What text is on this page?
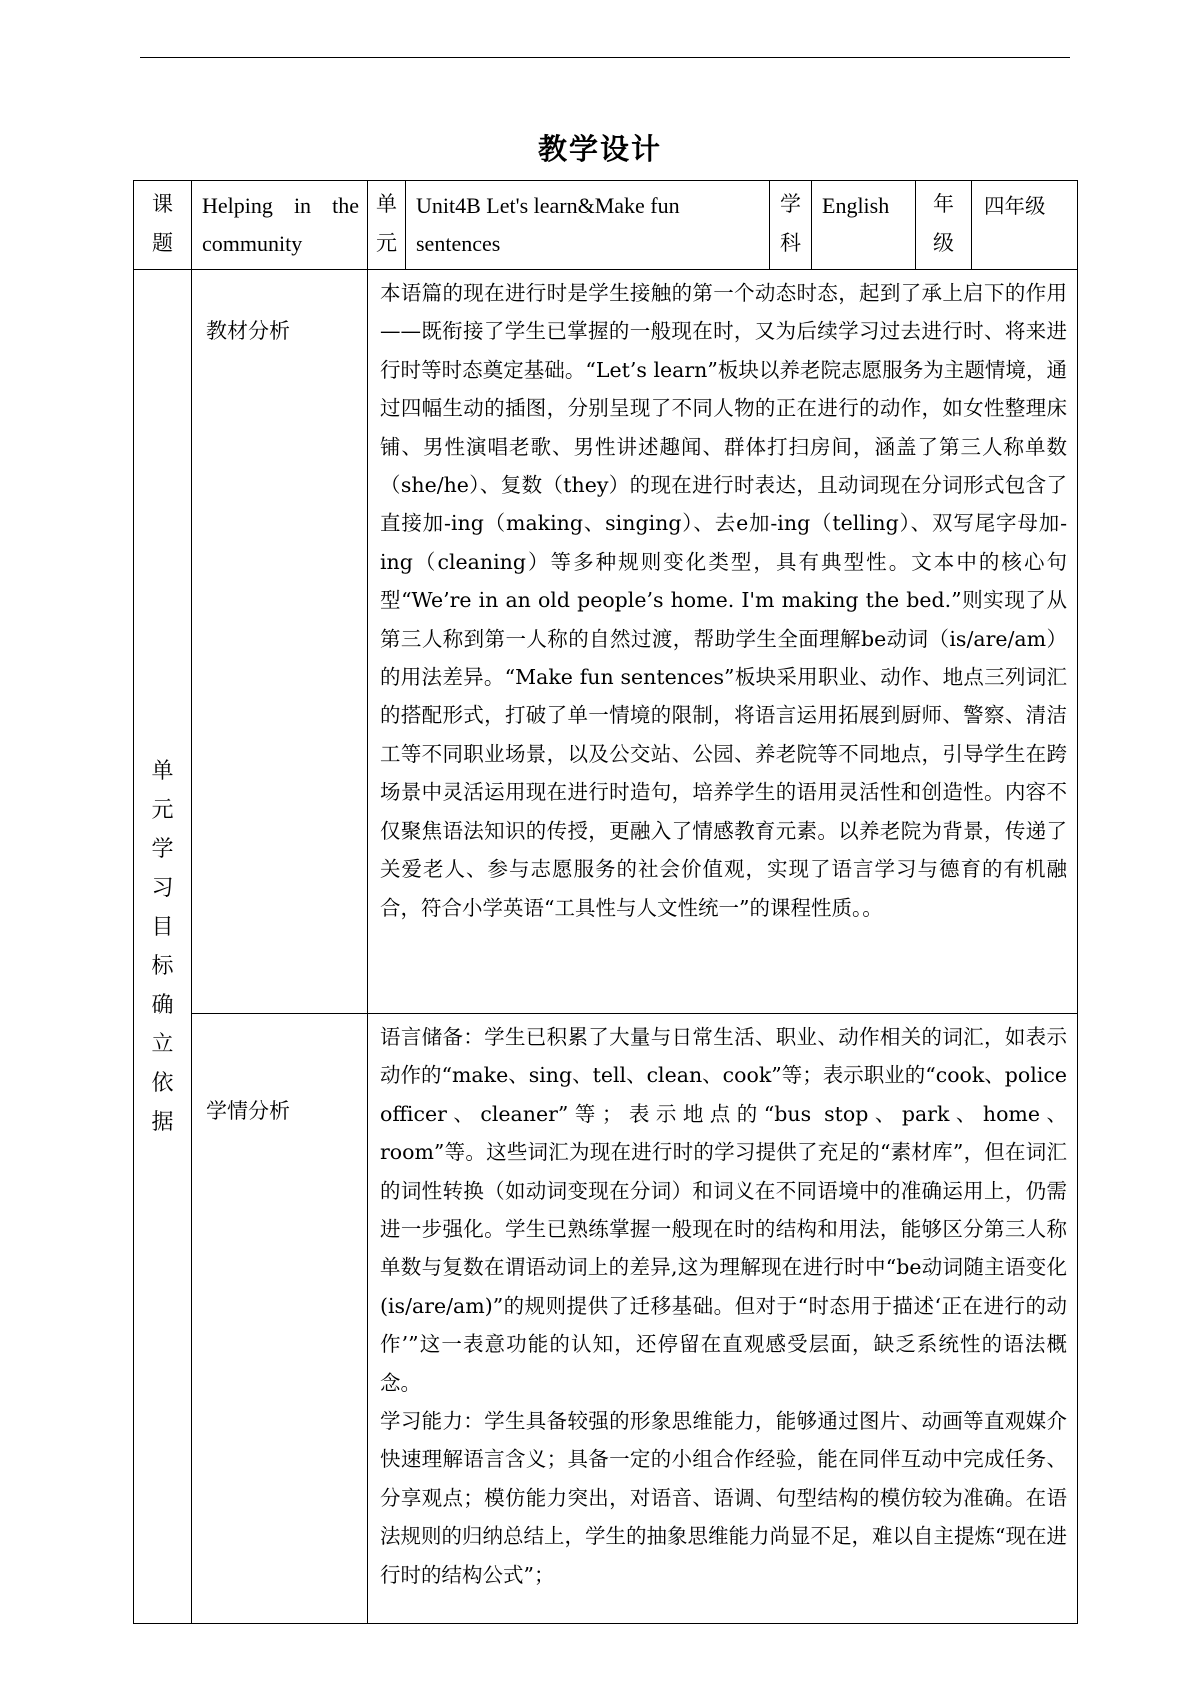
教学设计
课题	Helping in the community	单元	Unit4B Let's learn&Make fun sentences	学科	English	年级	四年级

单元学习目标确立依据	教材分析	本语篇的现在进行时是学生接触的第一个动态时态，起到了承上启下的作用——既衔接了学生已掌握的一般现在时，又为后续学习过去进行时、将来进行时等时态奠定基础。“Let’s learn”板块以养老院志愿服务为主题情境，通过四幅生动的插图，分别呈现了不同人物的正在进行的动作，如女性整理床铺、男性演唱老歌、男性讲述趣闻、群体打扫房间，涵盖了第三人称单数（she/he）、复数（they）的现在进行时表达，且动词现在分词形式包含了直接加-ing（making、singing）、去e加-ing（telling）、双写尾字母加-ing（cleaning）等多种规则变化类型，具有典型性。文本中的核心句型“We’re in an old people’s home. I'm making the bed.”则实现了从第三人称到第一人称的自然过渡，帮助学生全面理解be动词（is/are/am）的用法差异。“Make fun sentences”板块采用职业、动作、地点三列词汇的搭配形式，打破了单一情境的限制，将语言运用拓展到厨师、警察、清洁工等不同职业场景，以及公交站、公园、养老院等不同地点，引导学生在跨场景中灵活运用现在进行时造句，培养学生的语用灵活性和创造性。内容不仅聚焦语法知识的传授，更融入了情感教育元素。以养老院为背景，传递了关爱老人、参与志愿服务的社会价值观，实现了语言学习与德育的有机融合，符合小学英语“工具性与人文性统一”的课程性质。。					

	学情分析	语言储备：学生已积累了大量与日常生活、职业、动作相关的词汇，如表示动作的“make、sing、tell、clean、cook”等；表示职业的“cook、police officer、cleaner”等；表示地点的“bus stop、park、home、room”等。这些词汇为现在进行时的学习提供了充足的“素材库”，但在词汇的词性转换（如动词变现在分词）和词义在不同语境中的准确运用上，仍需进一步强化。学生已熟练掌握一般现在时的结构和用法，能够区分第三人称单数与复数在谓语动词上的差异,这为理解现在进行时中“be动词随主语变化(is/are/am)”的规则提供了迁移基础。但对于“时态用于描述‘正在进行的动作’”这一表意功能的认知，还停留在直观感受层面，缺乏系统性的语法概念。

学习能力：学生具备较强的形象思维能力，能够通过图片、动画等直观媒介快速理解语言含义；具备一定的小组合作经验，能在同伴互动中完成任务、分享观点；模仿能力突出，对语音、语调、句型结构的模仿较为准确。在语法规则的归纳总结上，学生的抽象思维能力尚显不足，难以自主提炼“现在进行时的结构公式”；					
